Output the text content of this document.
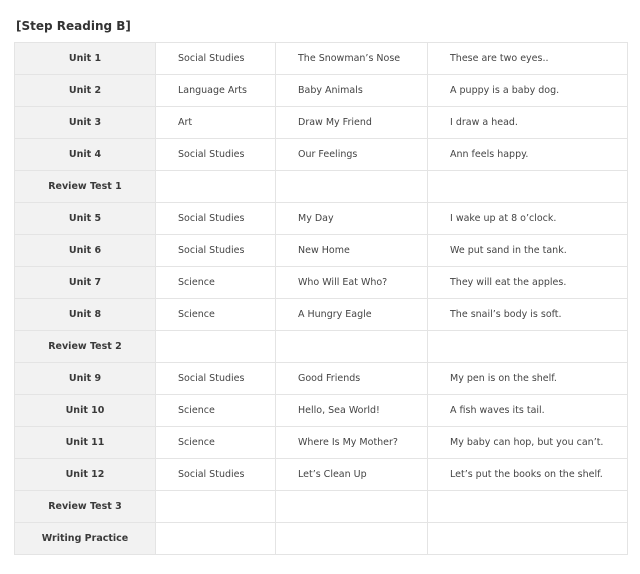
[Step Reading B]
Unit 1	Social Studies	The Snowman’s Nose	These are two eyes..
Unit 2	Language Arts	Baby Animals	A puppy is a baby dog.
Unit 3	Art	Draw My Friend	I draw a head.
Unit 4	Social Studies	Our Feelings	Ann feels happy.
Review Test 1			
Unit 5	Social Studies	My Day	I wake up at 8 o’clock.
Unit 6	Social Studies	New Home	We put sand in the tank.
Unit 7	Science	Who Will Eat Who?	They will eat the apples.
Unit 8	Science	A Hungry Eagle	The snail’s body is soft.
Review Test 2			
Unit 9	Social Studies	Good Friends	My pen is on the shelf.
Unit 10	Science	Hello, Sea World!	A fish waves its tail.
Unit 11	Science	Where Is My Mother?	My baby can hop, but you can’t.
Unit 12	Social Studies	Let’s Clean Up	Let’s put the books on the shelf.
Review Test 3			
Writing Practice			
